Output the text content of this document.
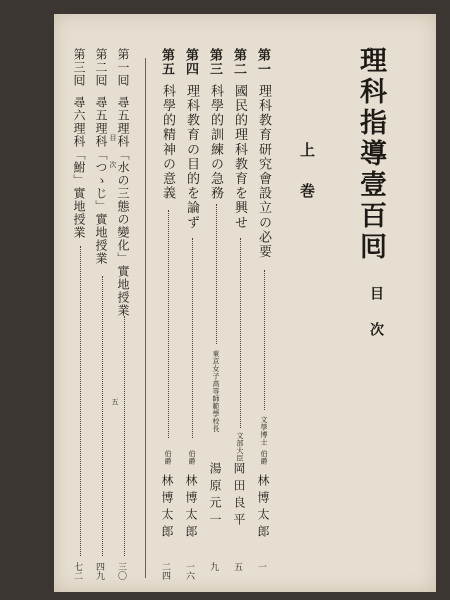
理科指導壹百囘

目次

上巻

第一

理科教育研究會設立の必要

文學博士

伯爵

林博太郎

一

第二

國民的理科教育を興せ

文部大臣

岡田良平

五

第三

科學的訓練の急務

東京女子高等師範學校長

湯原元一

九

第四

理科教育の目的を論ず

伯爵

林博太郎

一六

第五

科學的精神の意義

伯爵

林博太郎

二四

第一囘

尋五理科「水の三態の變化」實地授業

三〇

第二囘

尋五理科「つゝじ」實地授業

四九

第三囘

尋六理科「鮒」實地授業

七二

目次

五
